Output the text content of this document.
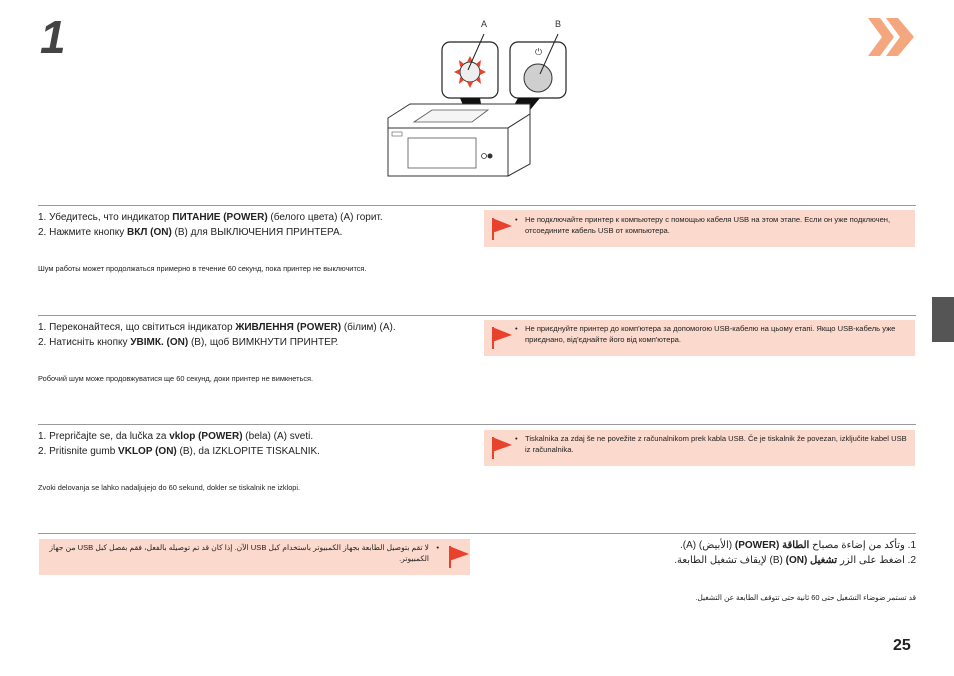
1	⏻
A	B
1. Убедитесь, что индикатор ПИТАНИЕ (POWER) (белого цвета) (A) горит.
2. Нажмите кнопку ВКЛ (ON) (B) для ВЫКЛЮЧЕНИЯ ПРИНТЕРА.
Шум работы может продолжаться примерно в течение 60 секунд, пока принтер не выключится.
• Не подключайте принтер к компьютеру с помощью кабеля USB на этом этапе. Если он уже подключен, отсоедините кабель USB от компьютера.
1. Переконайтеся, що світиться індикатор ЖИВЛЕННЯ (POWER) (білим) (A).
2. Натисніть кнопку УВІМК. (ON) (B), щоб ВИМКНУТИ ПРИНТЕР.
Робочий шум може продовжуватися ще 60 секунд, доки принтер не вимкнеться.
• Не приєднуйте принтер до комп'ютера за допомогою USB-кабелю на цьому етапі. Якщо USB-кабель уже приєднано, від'єднайте його від комп'ютера.
1. Prepričajte se, da lučka za vklop (POWER) (bela) (A) sveti.
2. Pritisnite gumb VKLOP (ON) (B), da IZKLOPITE TISKALNIK.
Zvoki delovanja se lahko nadaljujejo do 60 sekund, dokler se tiskalnik ne izklopi.
• Tiskalnika za zdaj še ne povežite z računalnikom prek kabla USB. Če je tiskalnik že povezan, izključite kabel USB iz računalnika.
1. وتأكد من إضاءة مصباح الطاقة (POWER) (الأبيض) (A).
2. اضغط على الزر تشغيل (ON) (B) لإيقاف تشغيل الطابعة.
قد تستمر ضوضاء التشغيل حتى 60 ثانية حتى تتوقف الطابعة عن التشغيل.
•
لا تقم بتوصيل الطابعة بجهاز الكمبيوتر باستخدام كبل USB الآن. إذا كان قد تم توصيله بالفعل، فقم بفصل كبل USB من جهاز الكمبيوتر.
25
